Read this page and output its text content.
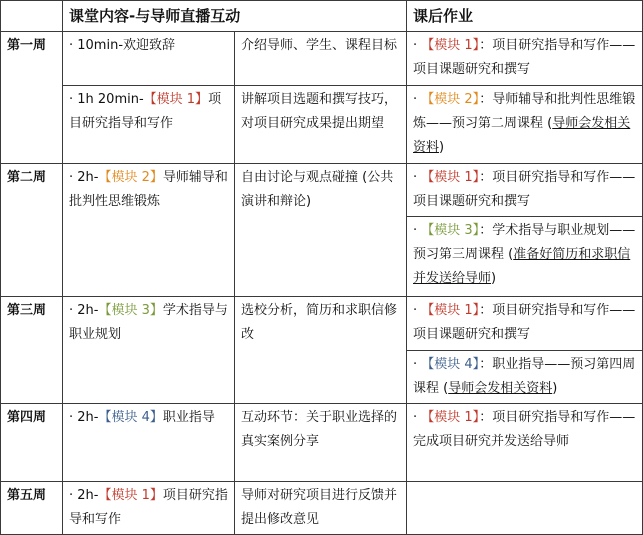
	课堂内容-与导师直播互动		课后作业
第一周	· 10min-欢迎致辞	介绍导师、学生、课程目标	· 【模块 1】：项目研究指导和写作——项目课题研究和撰写
	· 1h 20min-【模块 1】项目研究指导和写作	讲解项目选题和撰写技巧，对项目研究成果提出期望	· 【模块 2】：导师辅导和批判性思维锻炼——预习第二周课程 (导师会发相关资料)
第二周	· 2h-【模块 2】导师辅导和批判性思维锻炼	自由讨论与观点碰撞 (公共演讲和辩论)	· 【模块 1】：项目研究指导和写作——项目课题研究和撰写
			· 【模块 3】：学术指导与职业规划——预习第三周课程 (准备好简历和求职信并发送给导师)
第三周	· 2h-【模块 3】学术指导与职业规划	选校分析，简历和求职信修改	· 【模块 1】：项目研究指导和写作——项目课题研究和撰写
			· 【模块 4】：职业指导——预习第四周课程 (导师会发相关资料)
第四周	· 2h-【模块 4】职业指导	互动环节：关于职业选择的真实案例分享	· 【模块 1】：项目研究指导和写作——完成项目研究并发送给导师
第五周	· 2h-【模块 1】项目研究指导和写作	导师对研究项目进行反馈并提出修改意见	
